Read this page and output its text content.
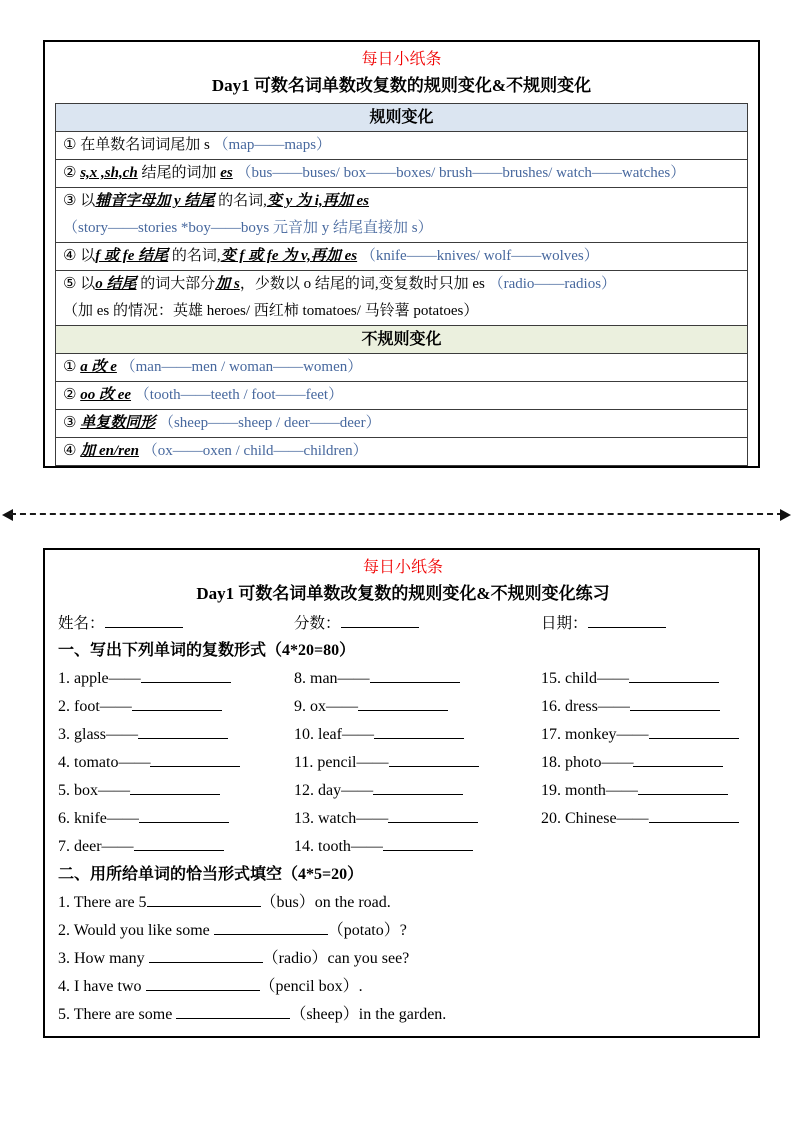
每日小纸条
Day1 可数名词单数改复数的规则变化&不规则变化
规则变化
① 在单数名词词尾加 s （map——maps）
② s,x ,sh,ch 结尾的词加 es （bus——buses/ box——boxes/ brush——brushes/ watch——watches）
③ 以辅音字母加 y 结尾 的名词,变 y 为 i,再加 es
（story——stories *boy——boys 元音加 y 结尾直接加 s）
④ 以f 或 fe 结尾 的名词,变 f 或 fe 为 v,再加 es （knife——knives/ wolf——wolves）
⑤ 以o 结尾 的词大部分加 s，少数以 o 结尾的词,变复数时只加 es （radio——radios）
（加 es 的情况：英雄 heroes/ 西红柿 tomatoes/ 马铃薯 potatoes）
不规则变化
① a 改 e （man——men / woman——women）
② oo 改 ee （tooth——teeth / foot——feet）
③ 单复数同形 （sheep——sheep / deer——deer）
④ 加 en/ren （ox——oxen / child——children）
每日小纸条
Day1 可数名词单数改复数的规则变化&不规则变化练习
姓名：	分数：	日期：
一、写出下列单词的复数形式（4*20=80）
1. apple——
2. foot——
3. glass——
4. tomato——
5. box——
6. knife——
7. deer——
8. man——
9. ox——
10. leaf——
11. pencil——
12. day——
13. watch——
14. tooth——
15. child——
16. dress——
17. monkey——
18. photo——
19. month——
20. Chinese——
二、用所给单词的恰当形式填空（4*5=20）
1. There are 5	（bus）on the road.
2. Would you like some	（potato）?
3. How many	（radio）can you see?
4. I have two	（pencil box）.
5. There are some	（sheep）in the garden.
